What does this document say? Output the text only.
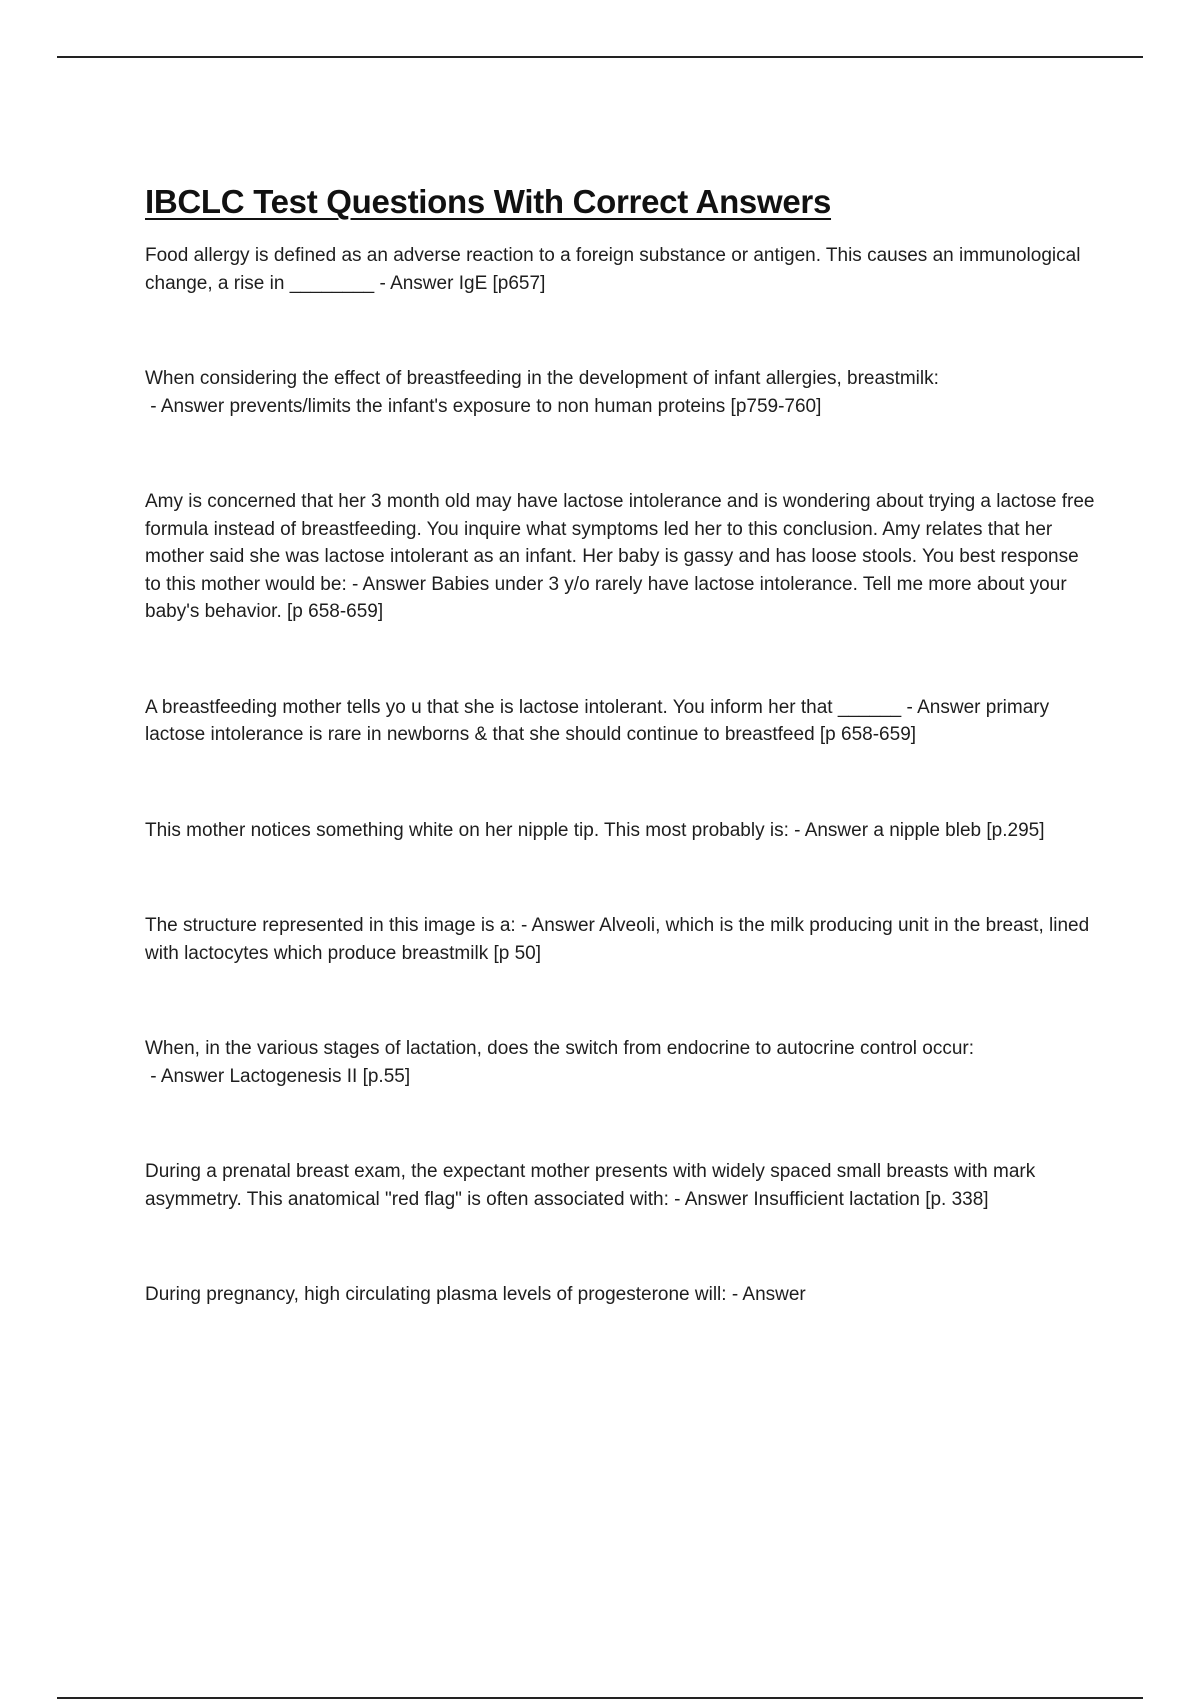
IBCLC Test Questions With Correct Answers
Food allergy is defined as an adverse reaction to a foreign substance or antigen. This causes an immunological change, a rise in ________ - Answer IgE [p657]
When considering the effect of breastfeeding in the development of infant allergies, breastmilk: - Answer prevents/limits the infant's exposure to non human proteins [p759-760]
Amy is concerned that her 3 month old may have lactose intolerance and is wondering about trying a lactose free formula instead of breastfeeding. You inquire what symptoms led her to this conclusion. Amy relates that her mother said she was lactose intolerant as an infant. Her baby is gassy and has loose stools. You best response to this mother would be: - Answer Babies under 3 y/o rarely have lactose intolerance. Tell me more about your baby's behavior. [p 658-659]
A breastfeeding mother tells yo u that she is lactose intolerant. You inform her that ______ - Answer primary lactose intolerance is rare in newborns & that she should continue to breastfeed [p 658-659]
This mother notices something white on her nipple tip. This most probably is: - Answer a nipple bleb [p.295]
The structure represented in this image is a: - Answer Alveoli, which is the milk producing unit in the breast, lined with lactocytes which produce breastmilk [p 50]
When, in the various stages of lactation, does the switch from endocrine to autocrine control occur: - Answer Lactogenesis II [p.55]
During a prenatal breast exam, the expectant mother presents with widely spaced small breasts with mark asymmetry. This anatomical "red flag" is often associated with: - Answer Insufficient lactation [p. 338]
During pregnancy, high circulating plasma levels of progesterone will: - Answer
